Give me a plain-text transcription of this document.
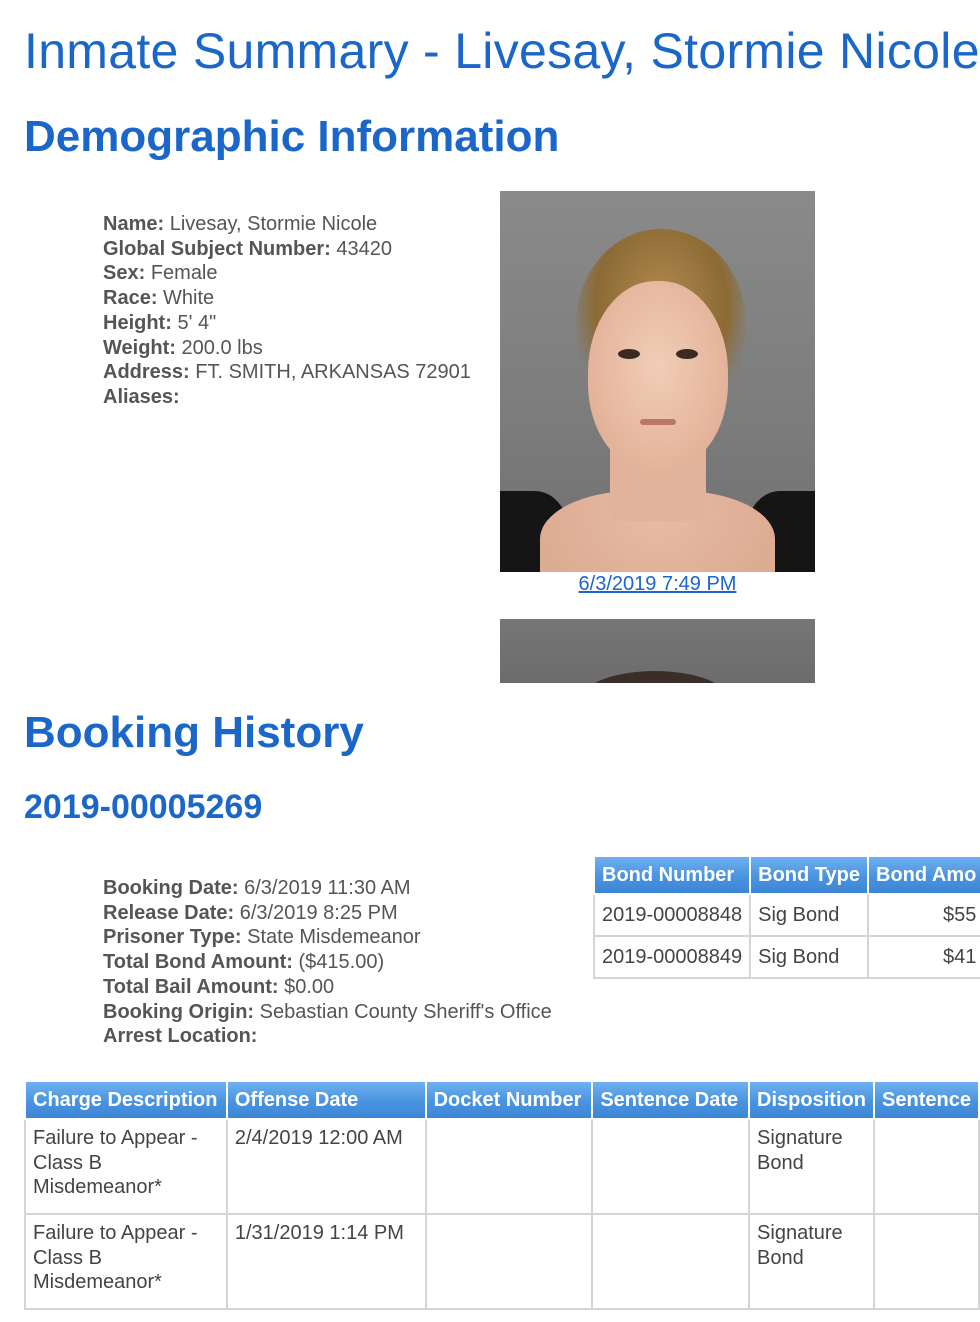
Inmate Summary - Livesay, Stormie Nicole
Demographic Information
Name: Livesay, Stormie Nicole
Global Subject Number: 43420
Sex: Female
Race: White
Height: 5' 4"
Weight: 200.0 lbs
Address: FT. SMITH, ARKANSAS 72901
Aliases:
6/3/2019 7:49 PM
Booking History
2019-00005269
Booking Date: 6/3/2019 11:30 AM
Release Date: 6/3/2019 8:25 PM
Prisoner Type: State Misdemeanor
Total Bond Amount: ($415.00)
Total Bail Amount: $0.00
Booking Origin: Sebastian County Sheriff's Office
Arrest Location:
Bond Number	Bond Type	Bond Amo
2019-00008848	Sig Bond	$55
2019-00008849	Sig Bond	$41
Charge Description	Offense Date	Docket Number	Sentence Date	Disposition	Sentence
Failure to Appear - Class B Misdemeanor*	2/4/2019 12:00 AM			Signature Bond	
Failure to Appear - Class B Misdemeanor*	1/31/2019 1:14 PM			Signature Bond	
